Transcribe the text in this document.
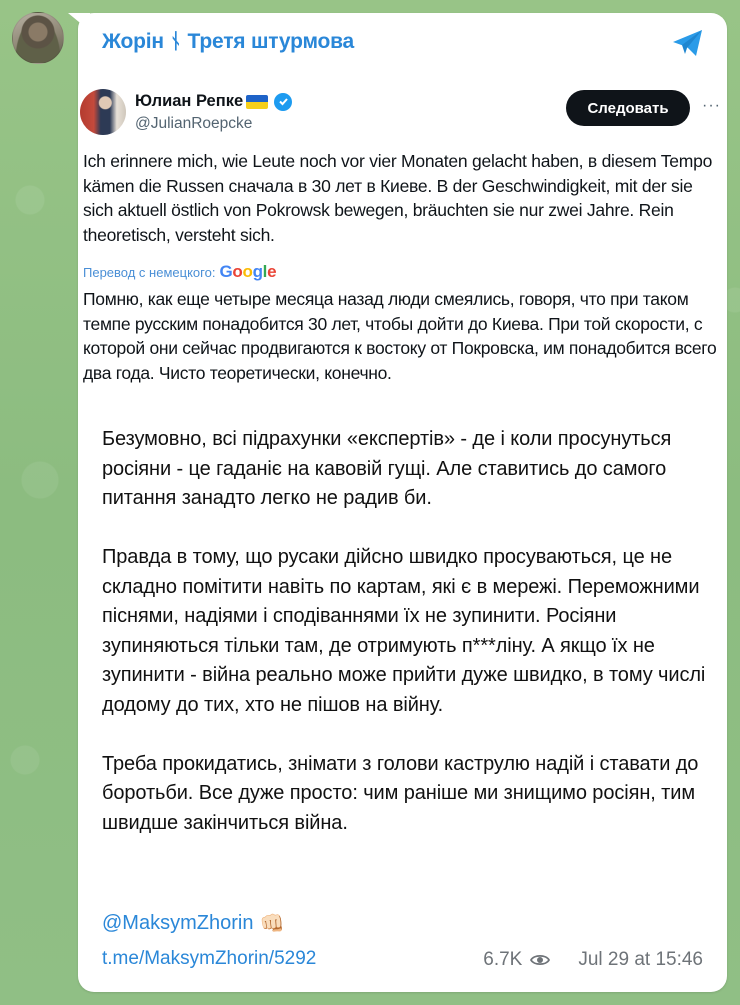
Жорін ᚾ Третя штурмова
Юлиан Репке
@JulianRoepcke
Следовать	···
Ich erinnere mich, wie Leute noch vor vier Monaten gelacht haben, в diesem Tempo kämen die Russen сначала в 30 лет в Киеве. В der Geschwindigkeit, mit der sie sich aktuell östlich von Pokrowsk bewegen, bräuchten sie nur zwei Jahre. Rein theoretisch, versteht sich.
Перевод с немецкого: Google
Помню, как еще четыре месяца назад люди смеялись, говоря, что при таком темпе русским понадобится 30 лет, чтобы дойти до Киева. При той скорости, с которой они сейчас продвигаются к востоку от Покровска, им понадобится всего два года. Чисто теоретически, конечно.

Безумовно, всі підрахунки «експертів» - де і коли просунуться росіяни - це гаданіє на кавовій гущі. Але ставитись до самого питання занадто легко не радив би.

Правда в тому, що русаки дійсно швидко просуваються, це не складно помітити навіть по картам, які є в мережі. Переможними піснями, надіями і сподіваннями їх не зупинити. Росіяни зупиняються тільки там, де отримують п***ліну. А якщо їх не зупинити - війна реально може прийти дуже швидко, в тому числі додому до тих, хто не пішов на війну.

Треба прокидатись, знімати з голови каструлю надій і ставати до боротьби. Все дуже просто: чим раніше ми знищимо росіян, тим швидше закінчиться війна.

@MaksymZhorin 👊🏻
t.me/MaksymZhorin/5292	6.7K	Jul 29 at 15:46
